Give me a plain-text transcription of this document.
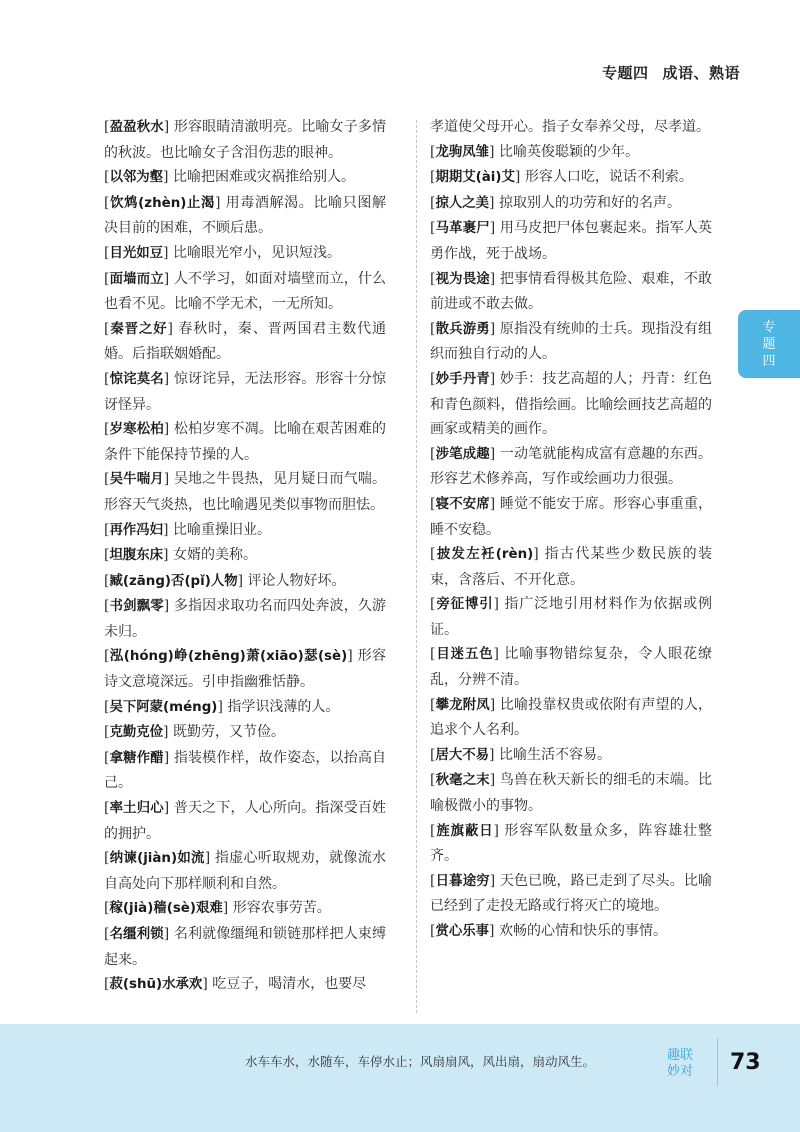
专题四 成语、熟语
专题四

[盈盈秋水] 形容眼睛清澈明亮。比喻女子多情的秋波。也比喻女子含泪伤悲的眼神。

[以邻为壑] 比喻把困难或灾祸推给别人。

[饮鸩(zhèn)止渴] 用毒酒解渴。比喻只图解决目前的困难，不顾后患。

[目光如豆] 比喻眼光窄小，见识短浅。

[面墙而立] 人不学习，如面对墙壁而立，什么也看不见。比喻不学无术，一无所知。

[秦晋之好] 春秋时，秦、晋两国君主数代通婚。后指联姻婚配。

[惊诧莫名] 惊讶诧异，无法形容。形容十分惊讶怪异。

[岁寒松柏] 松柏岁寒不凋。比喻在艰苦困难的条件下能保持节操的人。

[吴牛喘月] 吴地之牛畏热，见月疑日而气喘。形容天气炎热，也比喻遇见类似事物而胆怯。

[再作冯妇] 比喻重操旧业。

[坦腹东床] 女婿的美称。

[臧(zāng)否(pǐ)人物] 评论人物好坏。

[书剑飘零] 多指因求取功名而四处奔波，久游未归。

[泓(hóng)峥(zhēng)萧(xiāo)瑟(sè)] 形容诗文意境深远。引申指幽雅恬静。

[吴下阿蒙(méng)] 指学识浅薄的人。

[克勤克俭] 既勤劳，又节俭。

[拿糖作醋] 指装模作样，故作姿态，以抬高自己。

[率土归心] 普天之下，人心所向。指深受百姓的拥护。

[纳谏(jiàn)如流] 指虚心听取规劝，就像流水自高处向下那样顺利和自然。

[稼(jià)穑(sè)艰难] 形容农事劳苦。

[名缰利锁] 名利就像缰绳和锁链那样把人束缚起来。

[菽(shū)水承欢] 吃豆子，喝清水，也要尽

孝道使父母开心。指子女奉养父母，尽孝道。

[龙驹凤雏] 比喻英俊聪颖的少年。

[期期艾(ài)艾] 形容人口吃，说话不利索。

[掠人之美] 掠取别人的功劳和好的名声。

[马革裹尸] 用马皮把尸体包裹起来。指军人英勇作战，死于战场。

[视为畏途] 把事情看得极其危险、艰难，不敢前进或不敢去做。

[散兵游勇] 原指没有统帅的士兵。现指没有组织而独自行动的人。

[妙手丹青] 妙手：技艺高超的人；丹青：红色和青色颜料，借指绘画。比喻绘画技艺高超的画家或精美的画作。

[涉笔成趣] 一动笔就能构成富有意趣的东西。形容艺术修养高，写作或绘画功力很强。

[寝不安席] 睡觉不能安于席。形容心事重重，睡不安稳。

[披发左衽(rèn)] 指古代某些少数民族的装束，含落后、不开化意。

[旁征博引] 指广泛地引用材料作为依据或例证。

[目迷五色] 比喻事物错综复杂，令人眼花缭乱，分辨不清。

[攀龙附凤] 比喻投靠权贵或依附有声望的人，追求个人名利。

[居大不易] 比喻生活不容易。

[秋毫之末] 鸟兽在秋天新长的细毛的末端。比喻极微小的事物。

[旌旗蔽日] 形容军队数量众多，阵容雄壮整齐。

[日暮途穷] 天色已晚，路已走到了尽头。比喻已经到了走投无路或行将灭亡的境地。

[赏心乐事] 欢畅的心情和快乐的事情。

水车车水，水随车，车停水止；风扇扇风，风出扇，扇动风生。	趣联妙对 73
